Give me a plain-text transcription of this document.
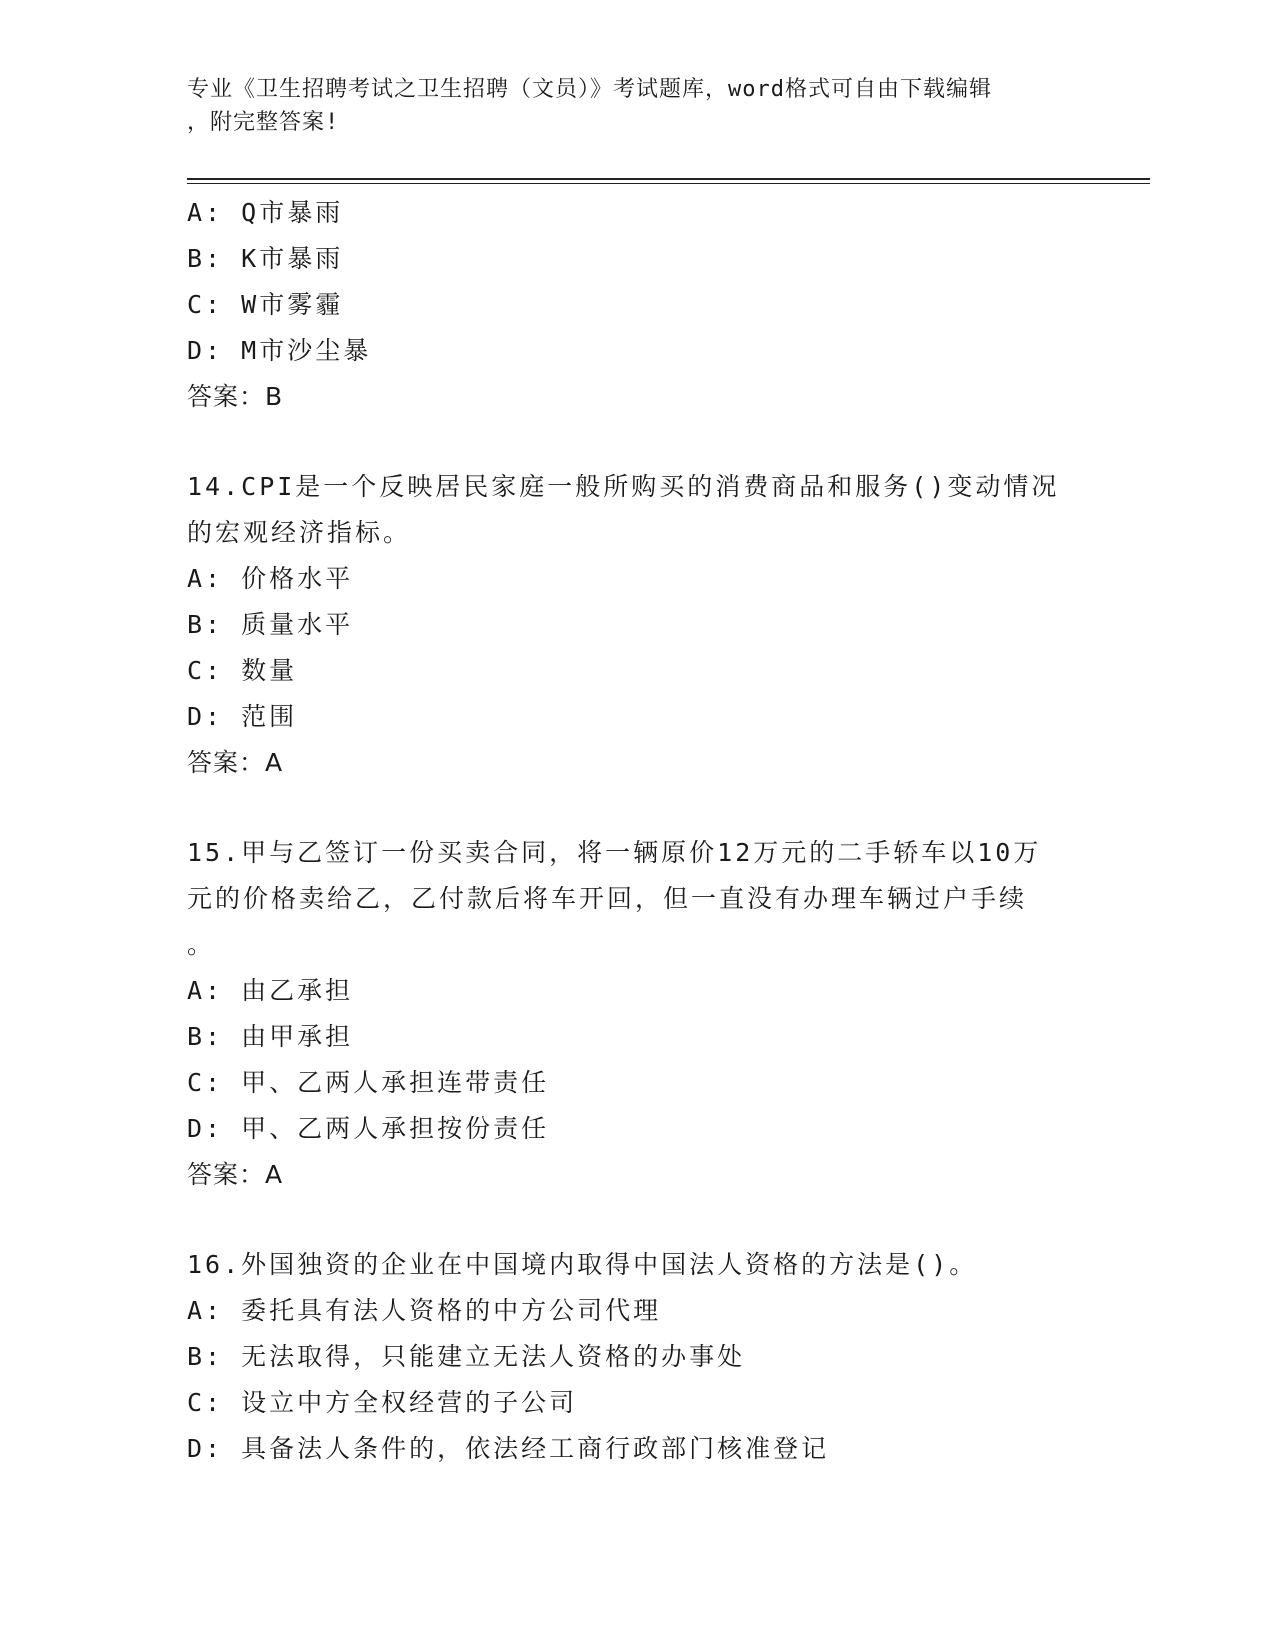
专业《卫生招聘考试之卫生招聘（文员）》考试题库，word格式可自由下载编辑
，附完整答案!
A: Q市暴雨
B: K市暴雨
C: W市雾霾
D: M市沙尘暴
答案：B
14.CPI是一个反映居民家庭一般所购买的消费商品和服务()变动情况
的宏观经济指标。
A: 价格水平
B: 质量水平
C: 数量
D: 范围
答案：A
15.甲与乙签订一份买卖合同，将一辆原价12万元的二手轿车以10万
元的价格卖给乙，乙付款后将车开回，但一直没有办理车辆过户手续
。
A: 由乙承担
B: 由甲承担
C: 甲、乙两人承担连带责任
D: 甲、乙两人承担按份责任
答案：A
16.外国独资的企业在中国境内取得中国法人资格的方法是()。
A: 委托具有法人资格的中方公司代理
B: 无法取得，只能建立无法人资格的办事处
C: 设立中方全权经营的子公司
D: 具备法人条件的，依法经工商行政部门核准登记
